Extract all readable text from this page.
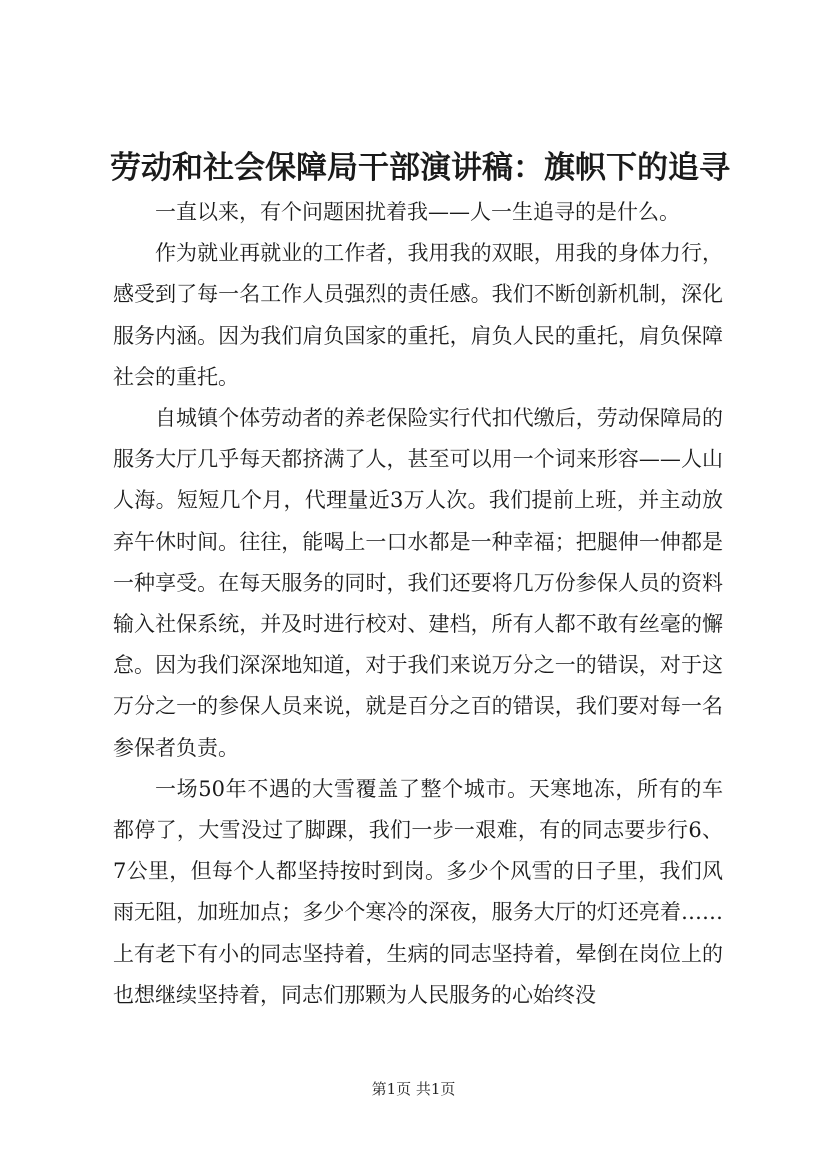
劳动和社会保障局干部演讲稿：旗帜下的追寻

一直以来，有个问题困扰着我——人一生追寻的是什么。

作为就业再就业的工作者，我用我的双眼，用我的身体力行，感受到了每一名工作人员强烈的责任感。我们不断创新机制，深化服务内涵。因为我们肩负国家的重托，肩负人民的重托，肩负保障社会的重托。

自城镇个体劳动者的养老保险实行代扣代缴后，劳动保障局的服务大厅几乎每天都挤满了人，甚至可以用一个词来形容——人山人海。短短几个月，代理量近3万人次。我们提前上班，并主动放弃午休时间。往往，能喝上一口水都是一种幸福；把腿伸一伸都是一种享受。在每天服务的同时，我们还要将几万份参保人员的资料输入社保系统，并及时进行校对、建档，所有人都不敢有丝毫的懈怠。因为我们深深地知道，对于我们来说万分之一的错误，对于这万分之一的参保人员来说，就是百分之百的错误，我们要对每一名参保者负责。

一场50年不遇的大雪覆盖了整个城市。天寒地冻，所有的车都停了，大雪没过了脚踝，我们一步一艰难，有的同志要步行6、7公里，但每个人都坚持按时到岗。多少个风雪的日子里，我们风雨无阻，加班加点；多少个寒冷的深夜，服务大厅的灯还亮着……上有老下有小的同志坚持着，生病的同志坚持着，晕倒在岗位上的也想继续坚持着，同志们那颗为人民服务的心始终没

第1页 共1页
